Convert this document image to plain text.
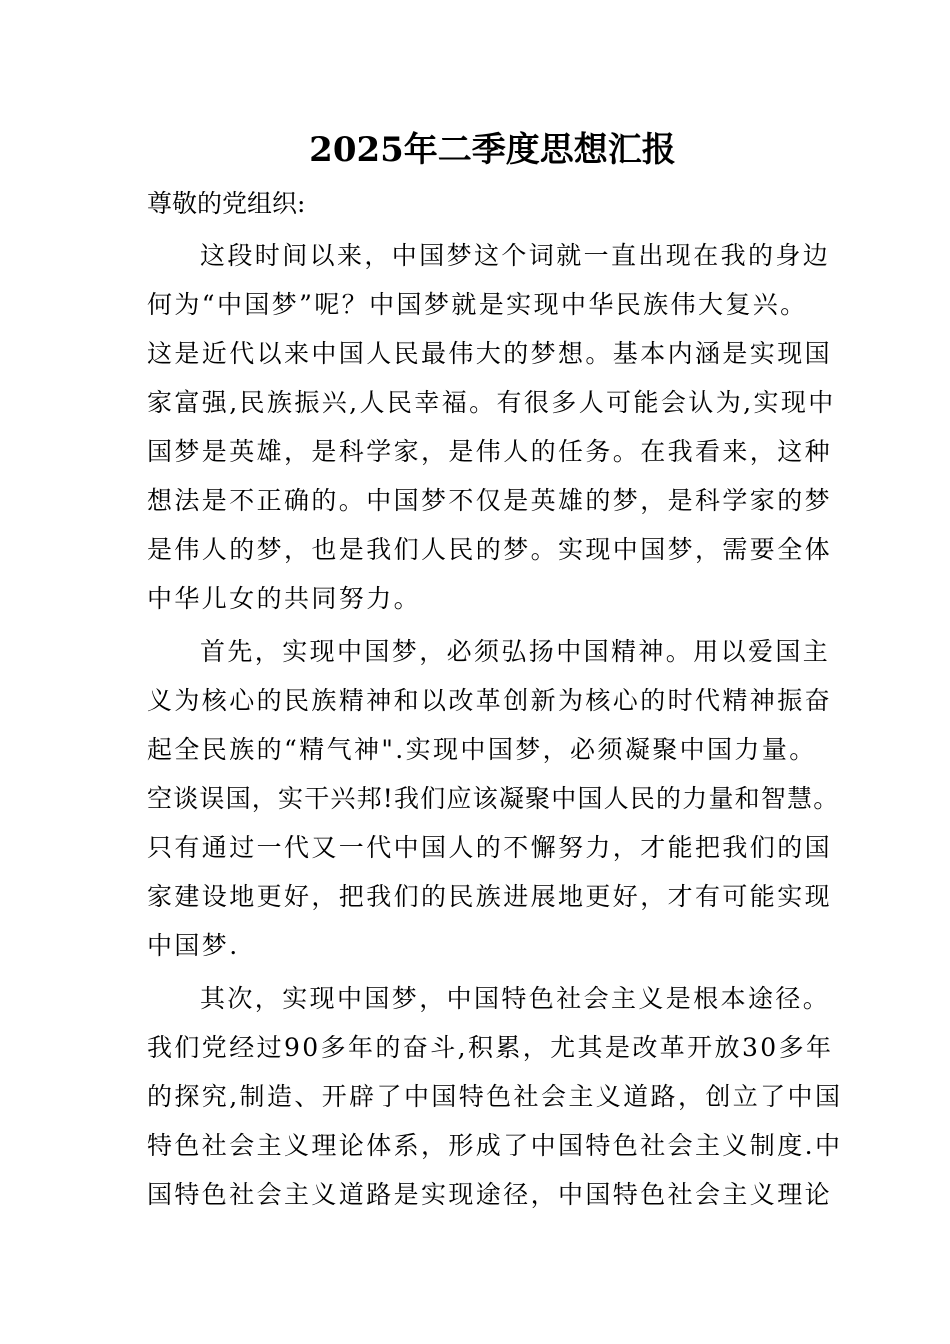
2025年二季度思想汇报
尊敬的党组织:
这段时间以来，中国梦这个词就一直出现在我的身边
何为“中国梦”呢？中国梦就是实现中华民族伟大复兴。
这是近代以来中国人民最伟大的梦想。基本内涵是实现国
家富强,民族振兴,人民幸福。有很多人可能会认为,实现中
国梦是英雄，是科学家，是伟人的任务。在我看来，这种
想法是不正确的。中国梦不仅是英雄的梦，是科学家的梦
是伟人的梦，也是我们人民的梦。实现中国梦，需要全体
中华儿女的共同努力。
首先，实现中国梦，必须弘扬中国精神。用以爱国主
义为核心的民族精神和以改革创新为核心的时代精神振奋
起全民族的“精气神".实现中国梦，必须凝聚中国力量。
空谈误国，实干兴邦!我们应该凝聚中国人民的力量和智慧。
只有通过一代又一代中国人的不懈努力，才能把我们的国
家建设地更好，把我们的民族进展地更好，才有可能实现
中国梦.
其次，实现中国梦，中国特色社会主义是根本途径。
我们党经过90多年的奋斗,积累，尤其是改革开放30多年
的探究,制造、开辟了中国特色社会主义道路，创立了中国
特色社会主义理论体系，形成了中国特色社会主义制度.中
国特色社会主义道路是实现途径，中国特色社会主义理论
